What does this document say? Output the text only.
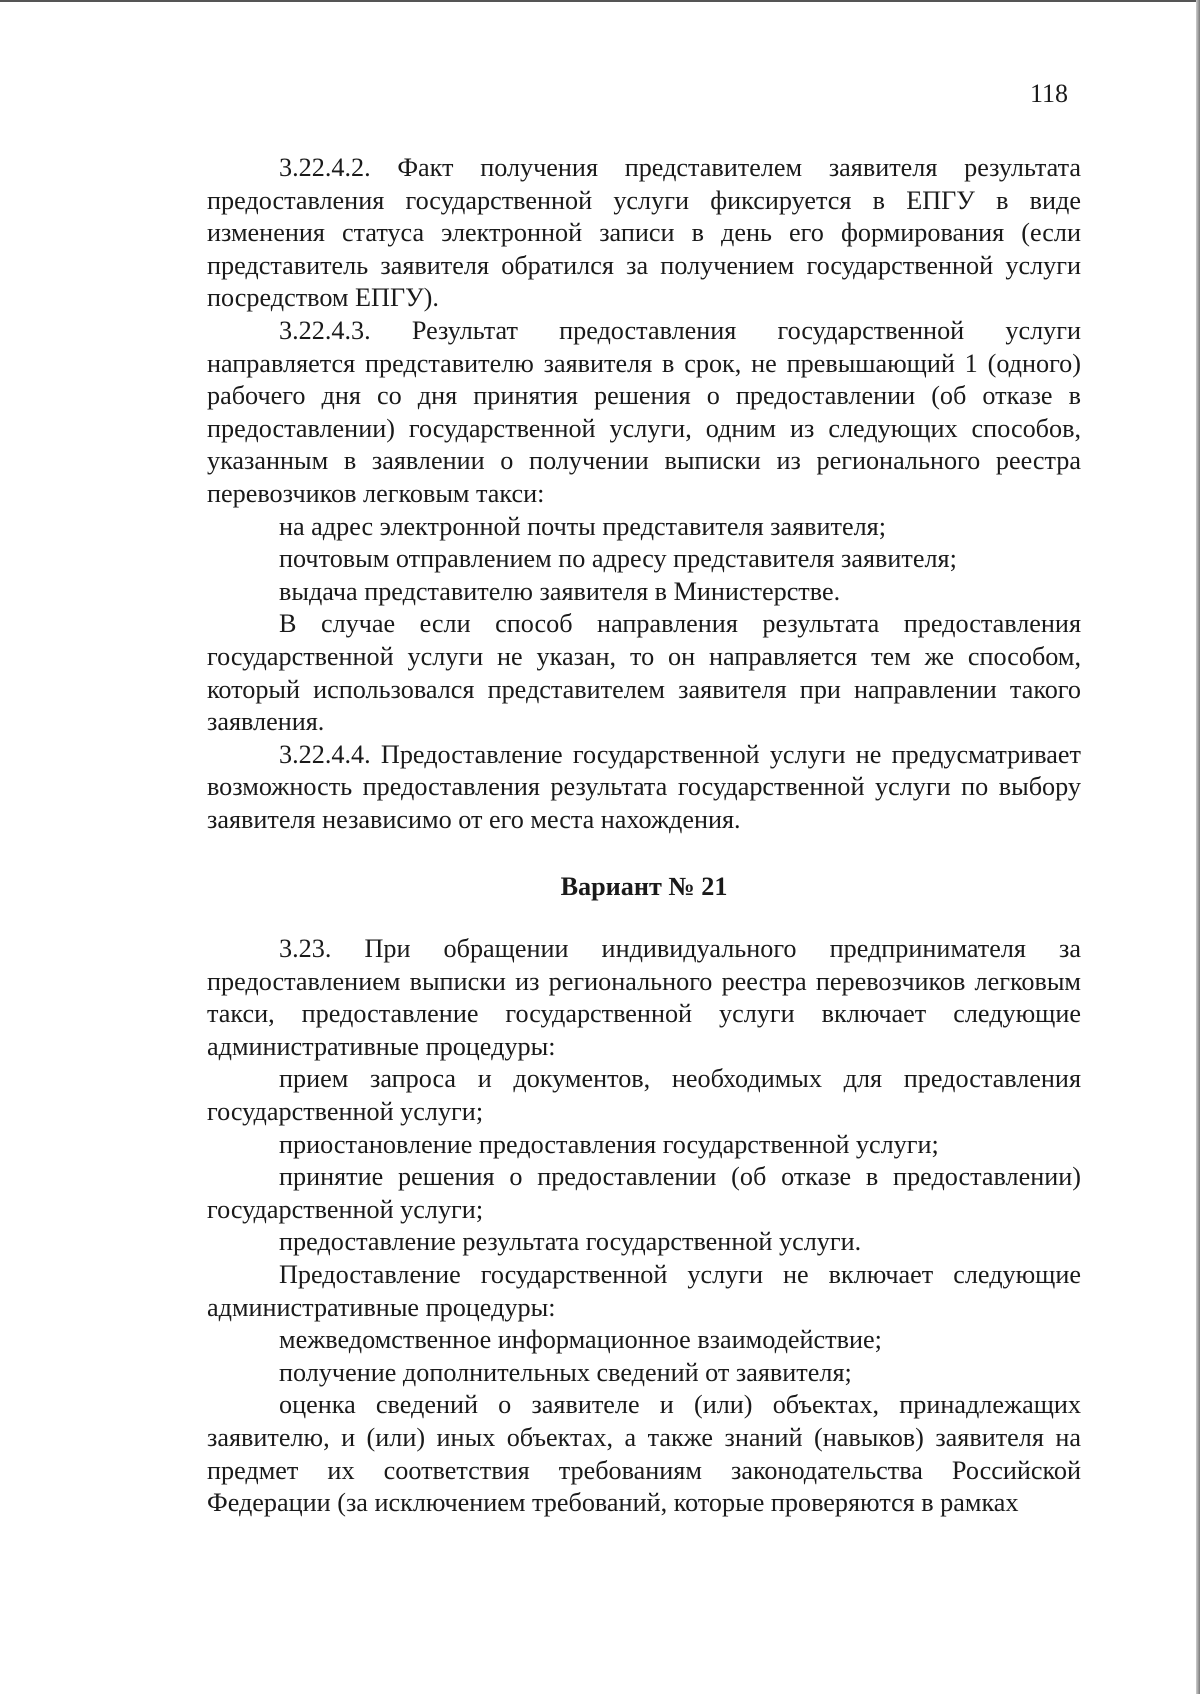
118

3.22.4.2. Факт получения представителем заявителя результата предоставления государственной услуги фиксируется в ЕПГУ в виде изменения статуса электронной записи в день его формирования (если представитель заявителя обратился за получением государственной услуги посредством ЕПГУ).

3.22.4.3. Результат предоставления государственной услуги направляется представителю заявителя в срок, не превышающий 1 (одного) рабочего дня со дня принятия решения о предоставлении (об отказе в предоставлении) государственной услуги, одним из следующих способов, указанным в заявлении о получении выписки из регионального реестра перевозчиков легковым такси:

на адрес электронной почты представителя заявителя;

почтовым отправлением по адресу представителя заявителя;

выдача представителю заявителя в Министерстве.

В случае если способ направления результата предоставления государственной услуги не указан, то он направляется тем же способом, который использовался представителем заявителя при направлении такого заявления.

3.22.4.4. Предоставление государственной услуги не предусматривает возможность предоставления результата государственной услуги по выбору заявителя независимо от его места нахождения.

Вариант № 21

3.23. При обращении индивидуального предпринимателя за предоставлением выписки из регионального реестра перевозчиков легковым такси, предоставление государственной услуги включает следующие административные процедуры:

прием запроса и документов, необходимых для предоставления государственной услуги;

приостановление предоставления государственной услуги;

принятие решения о предоставлении (об отказе в предоставлении) государственной услуги;

предоставление результата государственной услуги.

Предоставление государственной услуги не включает следующие административные процедуры:

межведомственное информационное взаимодействие;

получение дополнительных сведений от заявителя;

оценка сведений о заявителе и (или) объектах, принадлежащих заявителю, и (или) иных объектах, а также знаний (навыков) заявителя на предмет их соответствия требованиям законодательства Российской Федерации (за исключением требований, которые проверяются в рамках
